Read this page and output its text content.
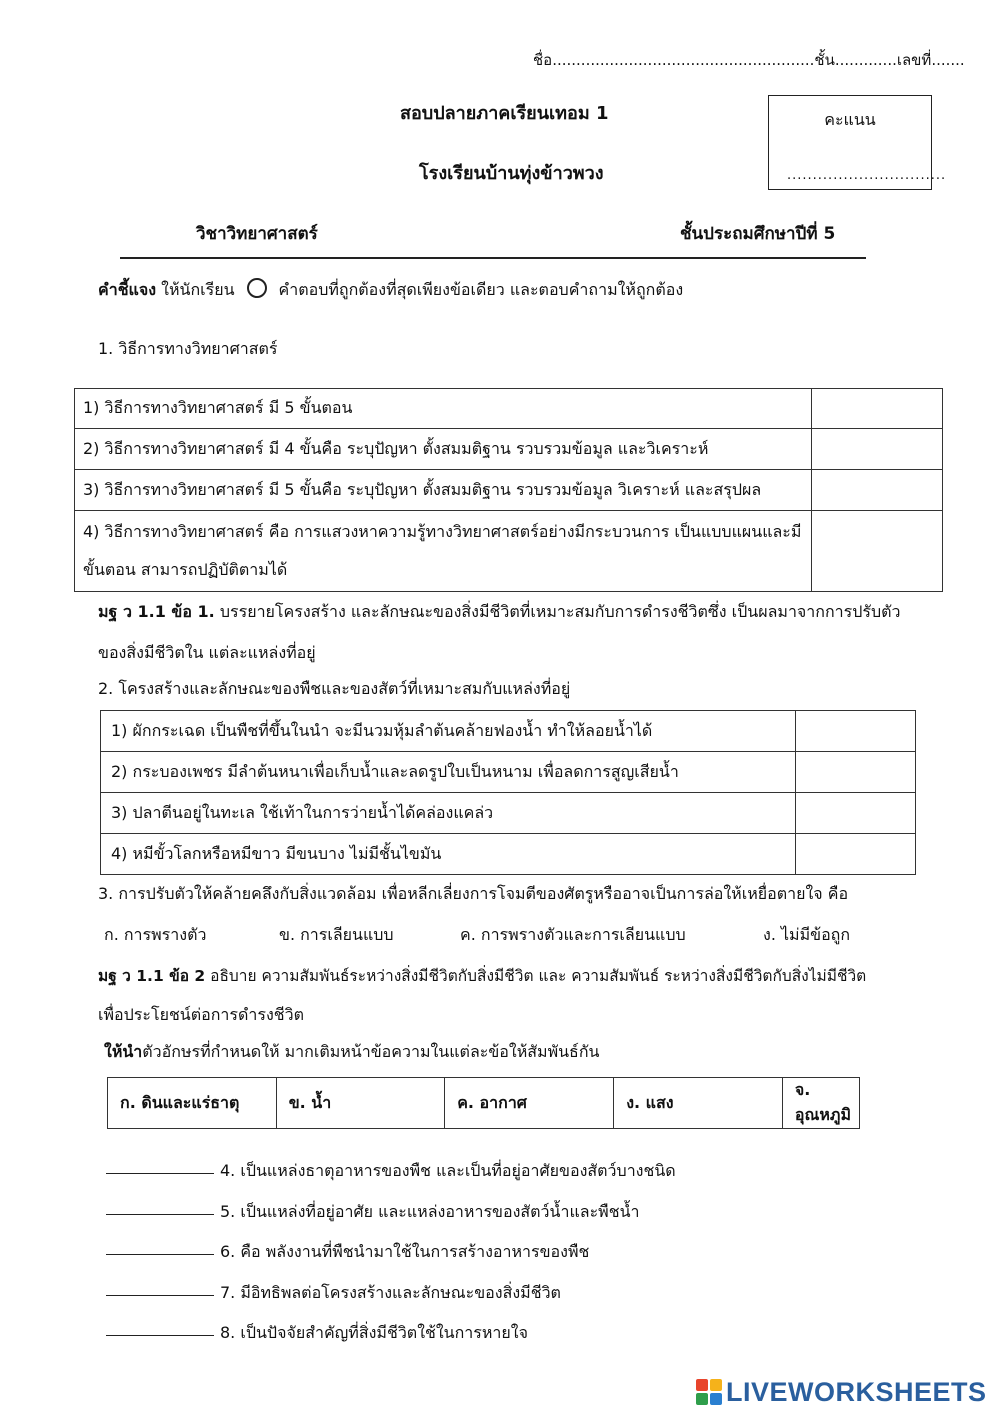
ชื่อ.......................................................ชั้น.............เลขที่.......
สอบปลายภาคเรียนเทอม 1
โรงเรียนบ้านทุ่งข้าวพวง
คะแนน
...............................
วิชาวิทยาศาสตร์	ชั้นประถมศึกษาปีที่ 5
คำชี้แจง ให้นักเรียน	คำตอบที่ถูกต้องที่สุดเพียงข้อเดียว และตอบคำถามให้ถูกต้อง
1. วิธีการทางวิทยาศาสตร์
1) วิธีการทางวิทยาศาสตร์ มี 5 ขั้นตอน	
2) วิธีการทางวิทยาศาสตร์ มี 4 ขั้นคือ ระบุปัญหา ตั้งสมมติฐาน รวบรวมข้อมูล และวิเคราะห์	
3) วิธีการทางวิทยาศาสตร์ มี 5 ขั้นคือ ระบุปัญหา ตั้งสมมติฐาน รวบรวมข้อมูล วิเคราะห์ และสรุปผล	

4) วิธีการทางวิทยาศาสตร์ คือ การแสวงหาความรู้ทางวิทยาศาสตร์อย่างมีกระบวนการ เป็นแบบแผนและมี
ขั้นตอน สามารถปฏิบัติตามได้	

มฐ ว 1.1 ข้อ 1. บรรยายโครงสร้าง และลักษณะของสิ่งมีชีวิตที่เหมาะสมกับการดำรงชีวิตซึ่ง เป็นผลมาจากการปรับตัว
ของสิ่งมีชีวิตใน แต่ละแหล่งที่อยู่
2. โครงสร้างและลักษณะของพืชและของสัตว์ที่เหมาะสมกับแหล่งที่อยู่
1) ผักกระเฉด เป็นพืชที่ขึ้นในนำ จะมีนวมหุ้มลำต้นคล้ายฟองน้ำ ทำให้ลอยน้ำได้	
2) กระบองเพชร มีลำต้นหนาเพื่อเก็บน้ำและลดรูปใบเป็นหนาม เพื่อลดการสูญเสียน้ำ	
3) ปลาตีนอยู่ในทะเล ใช้เท้าในการว่ายน้ำได้คล่องแคล่ว	
4) หมีขั้วโลกหรือหมีขาว มีขนบาง ไม่มีชั้นไขมัน	
3. การปรับตัวให้คล้ายคลึงกับสิ่งแวดล้อม เพื่อหลีกเลี่ยงการโจมตีของศัตรูหรืออาจเป็นการล่อให้เหยื่อตายใจ คือ
ก. การพรางตัว	ข. การเลียนแบบ	ค. การพรางตัวและการเลียนแบบ	ง. ไม่มีข้อถูก
มฐ ว 1.1 ข้อ 2 อธิบาย ความสัมพันธ์ระหว่างสิ่งมีชีวิตกับสิ่งมีชีวิต และ ความสัมพันธ์ ระหว่างสิ่งมีชีวิตกับสิ่งไม่มีชีวิต
เพื่อประโยชน์ต่อการดำรงชีวิต
ให้นำตัวอักษรที่กำหนดให้ มากเติมหน้าข้อความในแต่ละข้อให้สัมพันธ์กัน
ก. ดินและแร่ธาตุ	ข. น้ำ	ค. อากาศ	ง. แสง	จ. อุณหภูมิ
4. เป็นแหล่งธาตุอาหารของพืช และเป็นที่อยู่อาศัยของสัตว์บางชนิด
5. เป็นแหล่งที่อยู่อาศัย และแหล่งอาหารของสัตว์น้ำและพืชน้ำ
6. คือ พลังงานที่พืชนำมาใช้ในการสร้างอาหารของพืช
7. มีอิทธิพลต่อโครงสร้างและลักษณะของสิ่งมีชีวิต
8. เป็นปัจจัยสำคัญที่สิ่งมีชีวิตใช้ในการหายใจ
LIVEWORKSHEETS
